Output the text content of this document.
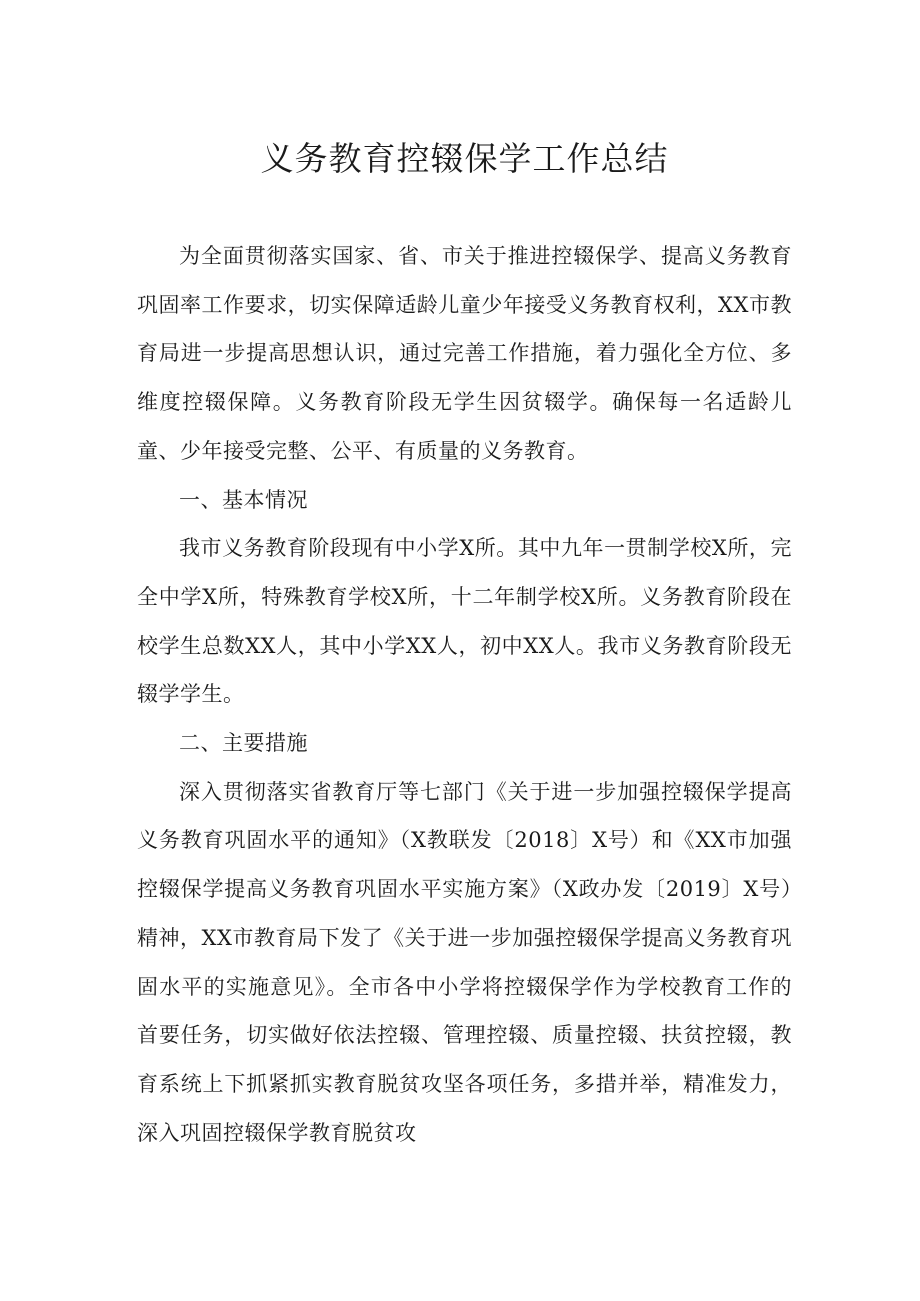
义务教育控辍保学工作总结

为全面贯彻落实国家、省、市关于推进控辍保学、提高义务教育巩固率工作要求，切实保障适龄儿童少年接受义务教育权利，XX市教育局进一步提高思想认识，通过完善工作措施，着力强化全方位、多维度控辍保障。义务教育阶段无学生因贫辍学。确保每一名适龄儿童、少年接受完整、公平、有质量的义务教育。

一、基本情况

我市义务教育阶段现有中小学X所。其中九年一贯制学校X所，完全中学X所，特殊教育学校X所，十二年制学校X所。义务教育阶段在校学生总数XX人，其中小学XX人，初中XX人。我市义务教育阶段无辍学学生。

二、主要措施

深入贯彻落实省教育厅等七部门《关于进一步加强控辍保学提高义务教育巩固水平的通知》（X教联发〔2018〕X号）和《XX市加强控辍保学提高义务教育巩固水平实施方案》（X政办发〔2019〕X号）精神，XX市教育局下发了《关于进一步加强控辍保学提高义务教育巩固水平的实施意见》。全市各中小学将控辍保学作为学校教育工作的首要任务，切实做好依法控辍、管理控辍、质量控辍、扶贫控辍，教育系统上下抓紧抓实教育脱贫攻坚各项任务，多措并举，精准发力，深入巩固控辍保学教育脱贫攻
